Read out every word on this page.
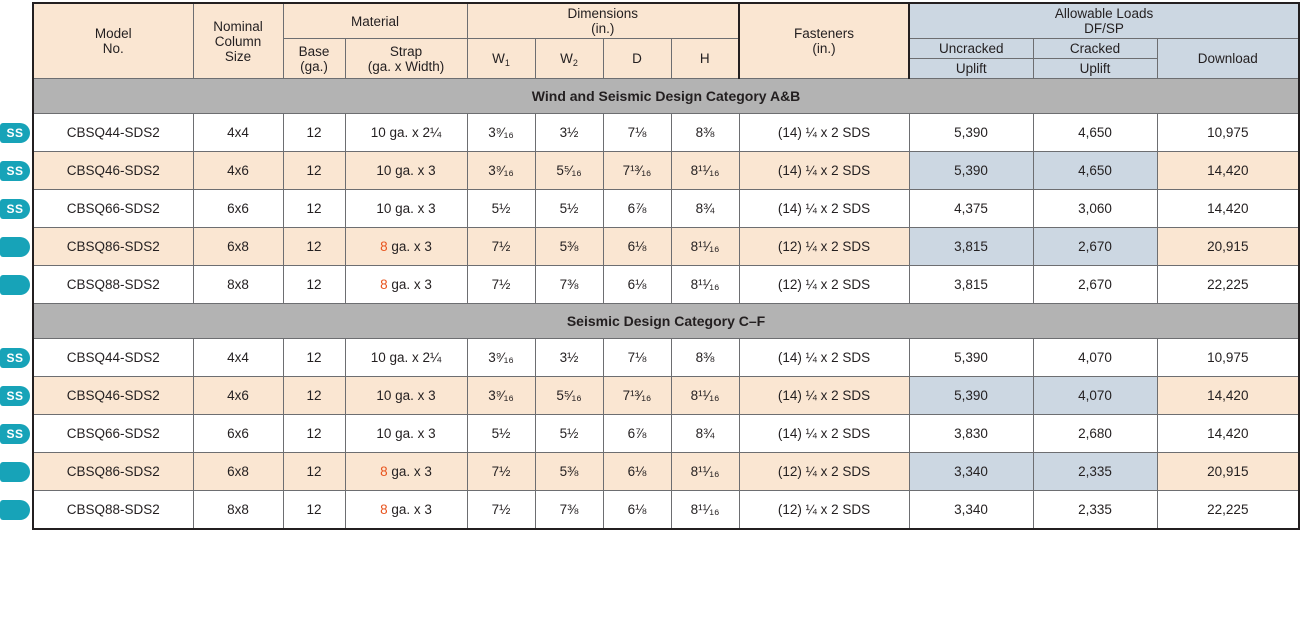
SS
SS
SS
SS
SS
SS
Model
No.	Nominal
Column
Size	Material		Dimensions
(in.)				Fasteners
(in.)	Allowable Loads
DF/SP		
		Base
(ga.)	Strap
(ga. x Width)	$W_1$	$W_2$	D	H		Uncracked	Cracked	Download
									Uplift	Uplift	
Wind and Seismic Design Category A&B											
CBSQ44-SDS2	4x4	12	10 ga. x 2¼	3⁹⁄₁₆	3½	7⅛	8⅜	(14) ¼ x 2 SDS	5,390	4,650	10,975
CBSQ46-SDS2	4x6	12	10 ga. x 3	3⁹⁄₁₆	5⁵⁄₁₆	7¹³⁄₁₆	8¹¹⁄₁₆	(14) ¼ x 2 SDS	5,390	4,650	14,420
CBSQ66-SDS2	6x6	12	10 ga. x 3	5½	5½	6⅞	8¾	(14) ¼ x 2 SDS	4,375	3,060	14,420
CBSQ86-SDS2	6x8	12	8 ga. x 3	7½	5⅜	6⅛	8¹¹⁄₁₆	(12) ¼ x 2 SDS	3,815	2,670	20,915
CBSQ88-SDS2	8x8	12	8 ga. x 3	7½	7⅜	6⅛	8¹¹⁄₁₆	(12) ¼ x 2 SDS	3,815	2,670	22,225
Seismic Design Category C–F											
CBSQ44-SDS2	4x4	12	10 ga. x 2¼	3⁹⁄₁₆	3½	7⅛	8⅜	(14) ¼ x 2 SDS	5,390	4,070	10,975
CBSQ46-SDS2	4x6	12	10 ga. x 3	3⁹⁄₁₆	5⁵⁄₁₆	7¹³⁄₁₆	8¹¹⁄₁₆	(14) ¼ x 2 SDS	5,390	4,070	14,420
CBSQ66-SDS2	6x6	12	10 ga. x 3	5½	5½	6⅞	8¾	(14) ¼ x 2 SDS	3,830	2,680	14,420
CBSQ86-SDS2	6x8	12	8 ga. x 3	7½	5⅜	6⅛	8¹¹⁄₁₆	(12) ¼ x 2 SDS	3,340	2,335	20,915
CBSQ88-SDS2	8x8	12	8 ga. x 3	7½	7⅜	6⅛	8¹¹⁄₁₆	(12) ¼ x 2 SDS	3,340	2,335	22,225
